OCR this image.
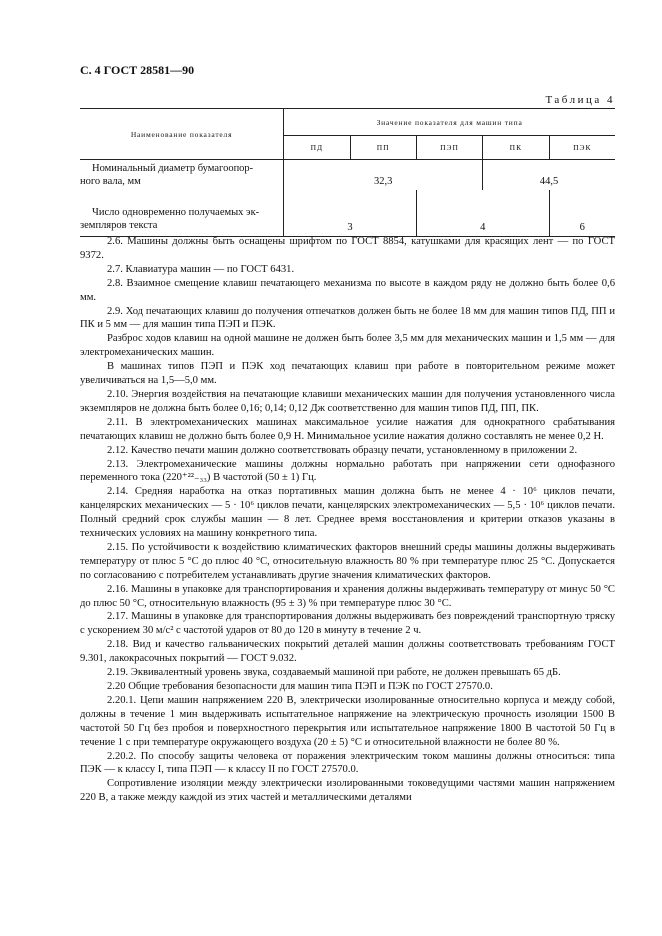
С. 4 ГОСТ 28581—90
Таблица 4
Наименование показателя	Значение показателя для машин типа				
	ПД	ПП	ПЭП	ПК	ПЭК
Номинальный диаметр бумагоопор-
ного вала, мм	32,3			44,5	
Число одновременно получаемых эк-
земпляров текста	3		4		6

2.6. Машины должны быть оснащены шрифтом по ГОСТ 8854, катушками для красящих лент — по ГОСТ 9372.

2.7. Клавиатура машин — по ГОСТ 6431.

2.8. Взаимное смещение клавиш печатающего механизма по высоте в каждом ряду не должно быть более 0,6 мм.

2.9. Ход печатающих клавиш до получения отпечатков должен быть не более 18 мм для машин типов ПД, ПП и ПК и 5 мм — для машин типа ПЭП и ПЭК.

Разброс ходов клавиш на одной машине не должен быть более 3,5 мм для механических машин и 1,5 мм — для электромеханических машин.

В машинах типов ПЭП и ПЭК ход печатающих клавиш при работе в повторительном режиме может увеличиваться на 1,5—5,0 мм.

2.10. Энергия воздействия на печатающие клавиши механических машин для получения установленного числа экземпляров не должна быть более 0,16; 0,14; 0,12 Дж соответственно для машин типов ПД, ПП, ПК.

2.11. В электромеханических машинах максимальное усилие нажатия для однократного срабатывания печатающих клавиш не должно быть более 0,9 Н. Минимальное усилие нажатия должно составлять не менее 0,2 Н.

2.12. Качество печати машин должно соответствовать образцу печати, установленному в приложении 2.

2.13. Электромеханические машины должны нормально работать при напряжении сети однофазного переменного тока (220⁺²²₋₃₃) В частотой (50 ± 1) Гц.

2.14. Средняя наработка на отказ портативных машин должна быть не менее 4 · 10⁶ циклов печати, канцелярских механических — 5 · 10⁶ циклов печати, канцелярских электромеханических — 5,5 · 10⁶ циклов печати. Полный средний срок службы машин — 8 лет. Среднее время восстановления и критерии отказов указаны в технических условиях на машину конкретного типа.

2.15. По устойчивости к воздействию климатических факторов внешний среды машины должны выдерживать температуру от плюс 5 °С до плюс 40 °С, относительную влажность 80 % при температуре плюс 25 °С. Допускается по согласованию с потребителем устанавливать другие значения климатических факторов.

2.16. Машины в упаковке для транспортирования и хранения должны выдерживать температуру от минус 50 °С до плюс 50 °С, относительную влажность (95 ± 3) % при температуре плюс 30 °С.

2.17. Машины в упаковке для транспортирования должны выдерживать без повреждений транспортную тряску с ускорением 30 м/с² с частотой ударов от 80 до 120 в минуту в течение 2 ч.

2.18. Вид и качество гальванических покрытий деталей машин должны соответствовать требованиям ГОСТ 9.301, лакокрасочных покрытий — ГОСТ 9.032.

2.19. Эквивалентный уровень звука, создаваемый машиной при работе, не должен превышать 65 дБ.

2.20 Общие требования безопасности для машин типа ПЭП и ПЭК по ГОСТ 27570.0.

2.20.1. Цепи машин напряжением 220 В, электрически изолированные относительно корпуса и между собой, должны в течение 1 мин выдерживать испытательное напряжение на электрическую прочность изоляции 1500 В частотой 50 Гц без пробоя и поверхностного перекрытия или испытательное напряжение 1800 В частотой 50 Гц в течение 1 с при температуре окружающего воздуха (20 ± 5) °С и относительной влажности не более 80 %.

2.20.2. По способу защиты человека от поражения электрическим током машины должны относиться: типа ПЭК — к классу I, типа ПЭП — к классу II по ГОСТ 27570.0.

Сопротивление изоляции между электрически изолированными токоведущими частями машин напряжением 220 В, а также между каждой из этих частей и металлическими деталями
